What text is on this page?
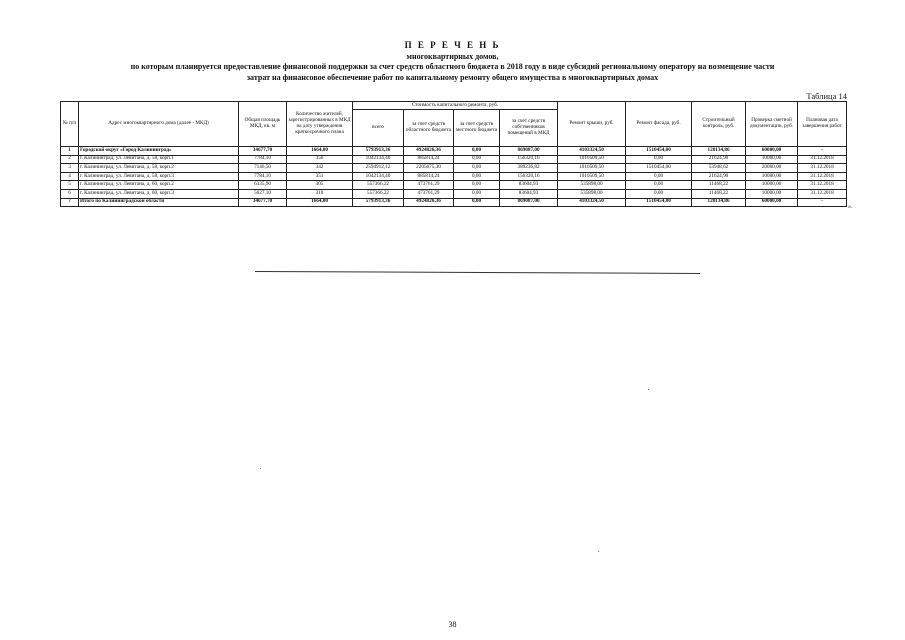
П Е Р Е Ч Е Н Ь
многоквартирных домов,
по которым планируется предоставление финансовой поддержки за счет средств областного бюджета в 2018 году в виде субсидий региональному оператору на возмещение части
затрат на финансовое обеспечение работ по капитальному ремонту общего имущества в многоквартирных домах
Таблица 14
№ п/п	Адрес многоквартирного дома (далее - МКД)	Общая площадь МКД, кв. м	Количество жителей, зарегистрированных в МКД на дату утверждения краткосрочного плана	Стоимость капитального ремонта, руб.				Ремонт крыши, руб.	Ремонт фасада, руб.	Строительный контроль, руб.	Проверка сметной документации, руб.	Плановая дата завершения работ
				всего	за счет средств областного бюджета	за счет средств местного бюджета	за счет средств собственников помещений в МКД					
1	Городской округ «Город Калининград»	34677,70	1664,00	5793913,36	4924826,36	0,00	869087,00	4103324,50	1510454,00	120134,86	60000,00	-
2	г. Калининград, ул. Левитана, д. 58, корп.1	7784,10	356	1042134,40	885814,24	0,00	156320,16	1010509,50	0,00	21624,90	10000,00	31.12.2018
3	г. Калининград, ул. Левитана, д. 58, корп.2	7146,50	342	2594912,12	2205675,30	0,00	389236,82	1010509,50	1510454,00	53948,62	20000,00	31.12.2018
4	г. Калининград, ул. Левитана, д. 58, корп.3	7784,10	351	1042134,40	885814,24	0,00	156320,16	1010509,50	0,00	21624,90	10000,00	31.12.2018
5	г. Калининград, ул. Левитана, д. 60, корп.2	6335,90	305	557366,22	473761,29	0,00	83604,93	535898,00	0,00	11468,22	10000,00	31.12.2018
6	г. Калининград, ул. Левитана, д. 60, корп.3	5627,10	310	557366,22	473761,29	0,00	83604,93	535898,00	0,00	11468,22	10000,00	31.12.2018
7	Итого по Калининградской области	34677,70	1664,00	5793913,36	4924826,36	0,00	869087,00	4103324,50	1510454,00	120134,86	60000,00	-
».
38
